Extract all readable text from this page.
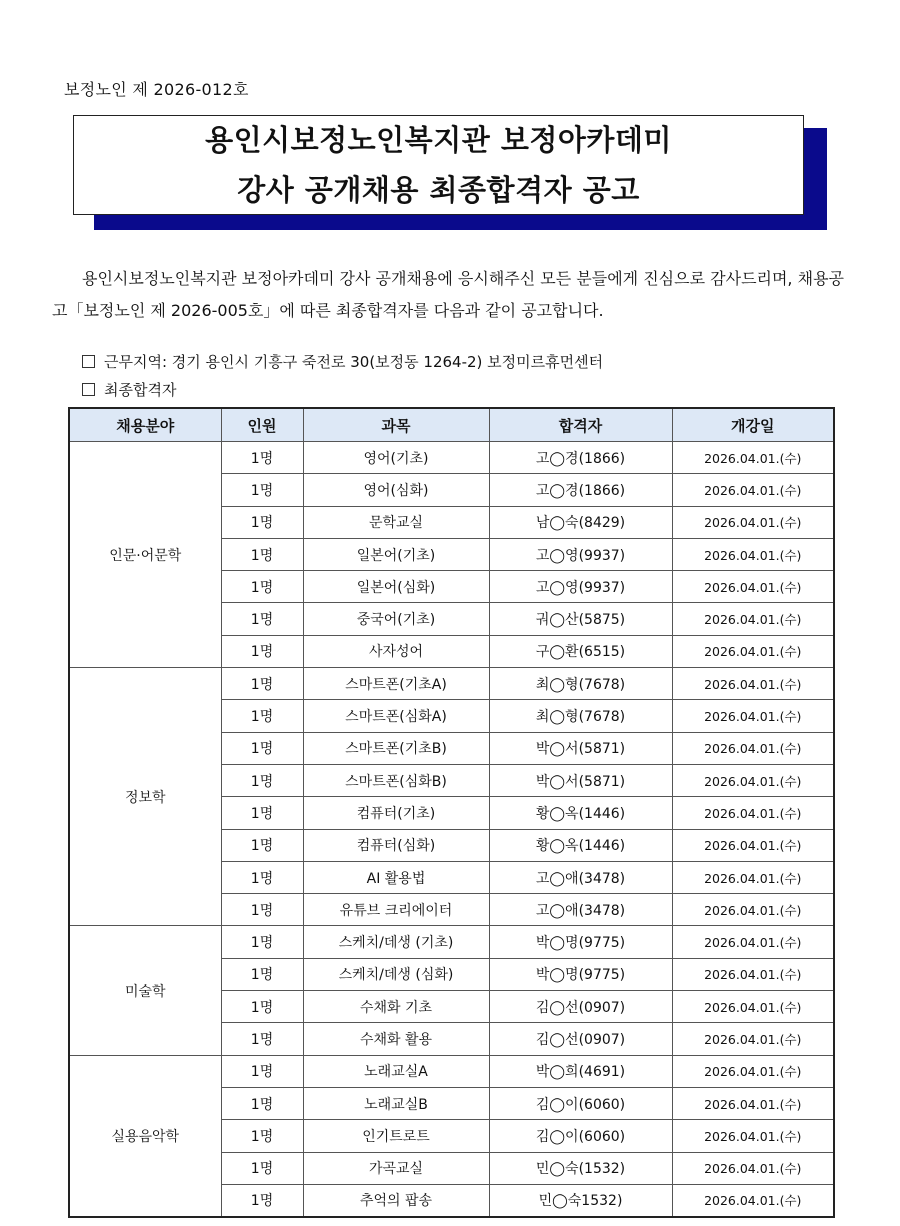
보정노인 제 2026-012호
용인시보정노인복지관 보정아카데미
강사 공개채용 최종합격자 공고
용인시보정노인복지관 보정아카데미 강사 공개채용에 응시해주신 모든 분들에게 진심으로 감사드리며, 채용공고「보정노인 제 2026-005호」에 따른 최종합격자를 다음과 같이 공고합니다.
근무지역: 경기 용인시 기흥구 죽전로 30(보정동 1264-2) 보정미르휴먼센터
최종합격자
채용분야	인원	과목	합격자	개강일
인문·어문학	1명	영어(기초)	고◯경(1866)	2026.04.01.(수)
	1명	영어(심화)	고◯경(1866)	2026.04.01.(수)
	1명	문학교실	남◯숙(8429)	2026.04.01.(수)
	1명	일본어(기초)	고◯영(9937)	2026.04.01.(수)
	1명	일본어(심화)	고◯영(9937)	2026.04.01.(수)
	1명	중국어(기초)	궈◯산(5875)	2026.04.01.(수)
	1명	사자성어	구◯환(6515)	2026.04.01.(수)
정보학	1명	스마트폰(기초A)	최◯형(7678)	2026.04.01.(수)
	1명	스마트폰(심화A)	최◯형(7678)	2026.04.01.(수)
	1명	스마트폰(기초B)	박◯서(5871)	2026.04.01.(수)
	1명	스마트폰(심화B)	박◯서(5871)	2026.04.01.(수)
	1명	컴퓨터(기초)	황◯옥(1446)	2026.04.01.(수)
	1명	컴퓨터(심화)	황◯옥(1446)	2026.04.01.(수)
	1명	AI 활용법	고◯애(3478)	2026.04.01.(수)
	1명	유튜브 크리에이터	고◯애(3478)	2026.04.01.(수)
미술학	1명	스케치/데생 (기초)	박◯명(9775)	2026.04.01.(수)
	1명	스케치/데생 (심화)	박◯명(9775)	2026.04.01.(수)
	1명	수채화 기초	김◯선(0907)	2026.04.01.(수)
	1명	수채화 활용	김◯선(0907)	2026.04.01.(수)
실용음악학	1명	노래교실A	박◯희(4691)	2026.04.01.(수)
	1명	노래교실B	김◯이(6060)	2026.04.01.(수)
	1명	인기트로트	김◯이(6060)	2026.04.01.(수)
	1명	가곡교실	민◯숙(1532)	2026.04.01.(수)
	1명	추억의 팝송	민◯숙1532)	2026.04.01.(수)
